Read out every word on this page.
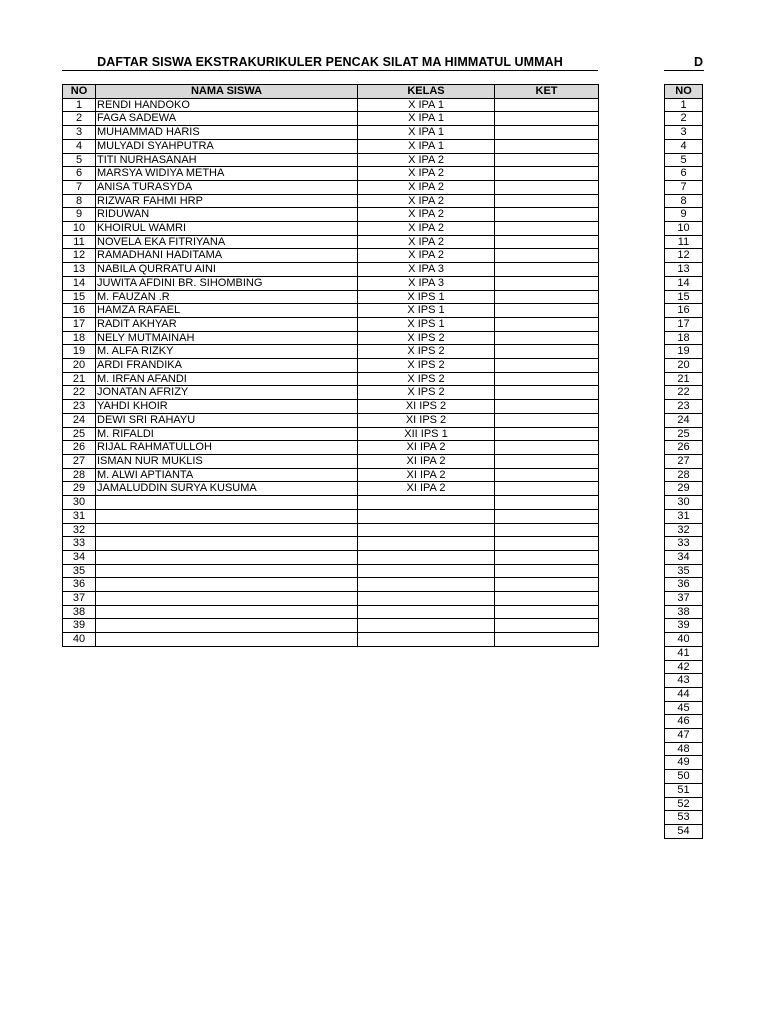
DAFTAR SISWA EKSTRAKURIKULER PENCAK SILAT MA HIMMATUL UMMAH	D
NO	NAMA SISWA	KELAS	KET
1	RENDI HANDOKO	X IPA 1	
2	FAGA SADEWA	X IPA 1	
3	MUHAMMAD HARIS	X IPA 1	
4	MULYADI SYAHPUTRA	X IPA 1	
5	TITI NURHASANAH	X IPA 2	
6	MARSYA WIDIYA METHA	X IPA 2	
7	ANISA TURASYDA	X IPA 2	
8	RIZWAR FAHMI HRP	X IPA 2	
9	RIDUWAN	X IPA 2	
10	KHOIRUL WAMRI	X IPA 2	
11	NOVELA EKA FITRIYANA	X IPA 2	
12	RAMADHANI HADITAMA	X IPA 2	
13	NABILA QURRATU AINI	X IPA 3	
14	JUWITA AFDINI BR. SIHOMBING	X IPA 3	
15	M. FAUZAN .R	X IPS 1	
16	HAMZA RAFAEL	X IPS 1	
17	RADIT AKHYAR	X IPS 1	
18	NELY MUTMAINAH	X IPS 2	
19	M. ALFA RIZKY	X IPS 2	
20	ARDI FRANDIKA	X IPS 2	
21	M. IRFAN AFANDI	X IPS 2	
22	JONATAN AFRIZY	X IPS 2	
23	YAHDI KHOIR	XI IPS 2	
24	DEWI SRI RAHAYU	XI IPS 2	
25	M. RIFALDI	XII IPS 1	
26	RIJAL RAHMATULLOH	XI IPA 2	
27	ISMAN NUR MUKLIS	XI IPA 2	
28	M. ALWI APTIANTA	XI IPA 2	
29	JAMALUDDIN SURYA KUSUMA	XI IPA 2	
30			
31			
32			
33			
34			
35			
36			
37			
38			
39			
40			
NO
1
2
3
4
5
6
7
8
9
10
11
12
13
14
15
16
17
18
19
20
21
22
23
24
25
26
27
28
29
30
31
32
33
34
35
36
37
38
39
40
41
42
43
44
45
46
47
48
49
50
51
52
53
54
